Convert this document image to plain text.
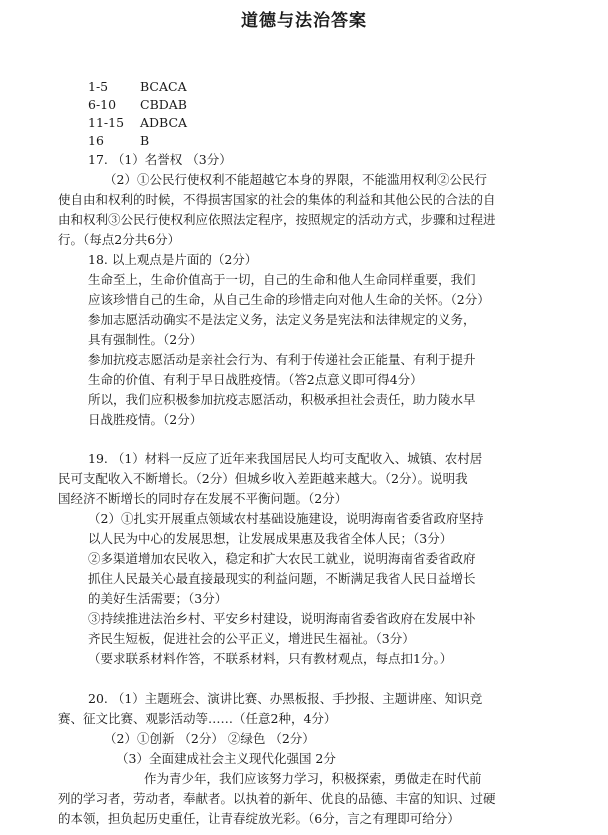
道德与法治答案
1-5	BCACA
6-10 CBDAB
11-15 ADBCA
16	B
17. （1）名誉权 （3分）
（2）①公民行使权利不能超越它本身的界限，不能滥用权利②公民行
使自由和权利的时候，不得损害国家的社会的集体的利益和其他公民的合法的自
由和权利③公民行使权利应依照法定程序，按照规定的活动方式，步骤和过程进
行。（每点2分共6分）
18. 以上观点是片面的（2分）
生命至上，生命价值高于一切，自己的生命和他人生命同样重要，我们
应该珍惜自己的生命，从自己生命的珍惜走向对他人生命的关怀。（2分）
参加志愿活动确实不是法定义务，法定义务是宪法和法律规定的义务，
具有强制性。（2分）
参加抗疫志愿活动是亲社会行为、有利于传递社会正能量、有利于提升
生命的价值、有利于早日战胜疫情。（答2点意义即可得4分）
所以，我们应积极参加抗疫志愿活动，积极承担社会责任，助力陵水早
日战胜疫情。（2分）
19. （1）材料一反应了近年来我国居民人均可支配收入、城镇、农村居
民可支配收入不断增长。（2分）但城乡收入差距越来越大。（2分）。说明我
国经济不断增长的同时存在发展不平衡问题。（2分）
（2）①扎实开展重点领域农村基础设施建设，说明海南省委省政府坚持
以人民为中心的发展思想，让发展成果惠及我省全体人民；（3分）
②多渠道增加农民收入，稳定和扩大农民工就业，说明海南省委省政府
抓住人民最关心最直接最现实的利益问题，不断满足我省人民日益增长
的美好生活需要；（3分）
③持续推进法治乡村、平安乡村建设，说明海南省委省政府在发展中补
齐民生短板，促进社会的公平正义，增进民生福祉。（3分）
（要求联系材料作答，不联系材料，只有教材观点，每点扣1分。）
20. （1）主题班会、演讲比赛、办黑板报、手抄报、主题讲座、知识竞
赛、征文比赛、观影活动等……（任意2种，4分）
（2）①创新 （2分） ②绿色 （2分）
（3）全面建成社会主义现代化强国 2分
作为青少年，我们应该努力学习，积极探索，勇做走在时代前
列的学习者，劳动者，奉献者。以执着的新年、优良的品德、丰富的知识、过硬
的本领，担负起历史重任，让青春绽放光彩。（6分，言之有理即可给分）
